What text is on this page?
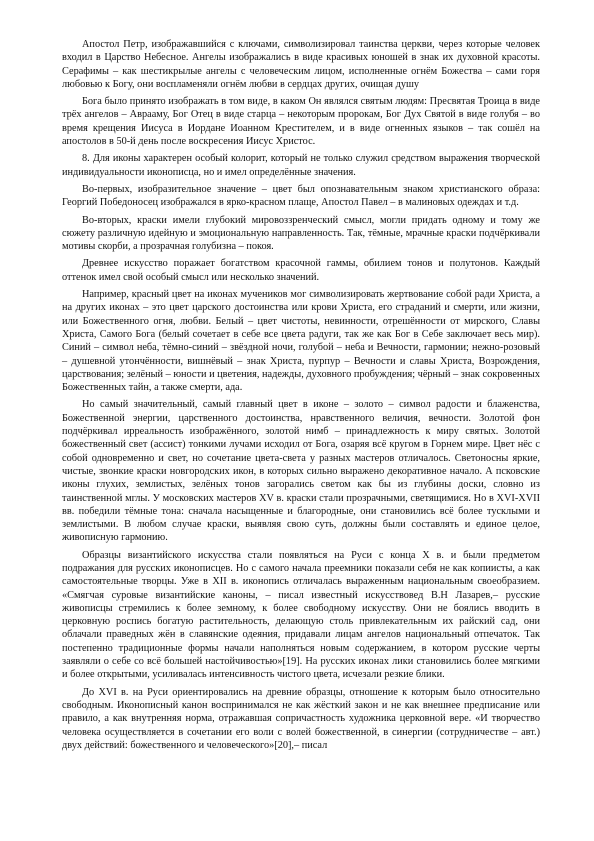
Апостол Петр, изображавшийся с ключами, символизировал таинства церкви, через которые человек входил в Царство Небесное. Ангелы изображались в виде красивых юношей в знак их духовной красоты. Серафимы – как шестикрылые ангелы с человеческим лицом, исполненные огнём Божества – сами горя любовью к Богу, они воспламеняли огнём любви в сердцах других, очищая душу

Бога было принято изображать в том виде, в каком Он являлся святым людям: Пресвятая Троица в виде трёх ангелов – Аврааму, Бог Отец в виде старца – некоторым пророкам, Бог Дух Святой в виде голубя – во время крещения Иисуса в Иордане Иоанном Крестителем, и в виде огненных языков – так сошёл на апостолов в 50-й день после воскресения Иисус Христос.

8. Для иконы характерен особый колорит, который не только служил средством выражения творческой индивидуальности иконописца, но и имел определённые значения.

Во-первых, изобразительное значение – цвет был опознавательным знаком христианского образа: Георгий Победоносец изображался в ярко-красном плаще, Апостол Павел – в малиновых одеждах и т.д.

Во-вторых, краски имели глубокий мировоззренческий смысл, могли придать одному и тому же сюжету различную идейную и эмоциональную направленность. Так, тёмные, мрачные краски подчёркивали мотивы скорби, а прозрачная голубизна – покоя.

Древнее искусство поражает богатством красочной гаммы, обилием тонов и полутонов. Каждый оттенок имел свой особый смысл или несколько значений.

Например, красный цвет на иконах мучеников мог символизировать жертвование собой ради Христа, а на других иконах – это цвет царского достоинства или крови Христа, его страданий и смерти, или жизни, или Божественного огня, любви. Белый – цвет чистоты, невинности, отрешённости от мирского, Славы Христа, Самого Бога (белый сочетает в себе все цвета радуги, так же как Бог в Себе заключает весь мир). Синий – символ неба, тёмно-синий – звёздной ночи, голубой – неба и Вечности, гармонии; нежно-розовый – душевной утончённости, вишнёвый – знак Христа, пурпур – Вечности и славы Христа, Возрождения, царствования; зелёный – юности и цветения, надежды, духовного пробуждения; чёрный – знак сокровенных Божественных тайн, а также смерти, ада.

Но самый значительный, самый главный цвет в иконе – золото – символ радости и блаженства, Божественной энергии, царственного достоинства, нравственного величия, вечности. Золотой фон подчёркивал ирреальность изображённого, золотой нимб – принадлежность к миру святых. Золотой божественный свет (ассист) тонкими лучами исходил от Бога, озаряя всё кругом в Горнем мире. Цвет нёс с собой одновременно и свет, но сочетание цвета-света у разных мастеров отличалось. Светоносны яркие, чистые, звонкие краски новгородских икон, в которых сильно выражено декоративное начало. А псковские иконы глухих, землистых, зелёных тонов загорались светом как бы из глубины доски, словно из таинственной мглы. У московских мастеров XV в. краски стали прозрачными, светящимися. Но в XVI-XVII вв. победили тёмные тона: сначала насыщенные и благородные, они становились всё более тусклыми и землистыми. В любом случае краски, выявляя свою суть, должны были составлять и единое целое, живописную гармонию.

Образцы византийского искусства стали появляться на Руси с конца X в. и были предметом подражания для русских иконописцев. Но с самого начала преемники показали себя не как копиисты, а как самостоятельные творцы. Уже в XII в. иконопись отличалась выраженным национальным своеобразием. «Смягчая суровые византийские каноны, – писал известный искусствовед В.Н Лазарев,– русские живописцы стремились к более земному, к более свободному искусству. Они не боялись вводить в церковную роспись богатую растительность, делающую столь привлекательным их райский сад, они облачали праведных жён в славянские одеяния, придавали лицам ангелов национальный отпечаток. Так постепенно традиционные формы начали наполняться новым содержанием, в котором русские черты заявляли о себе со всё большей настойчивостью»[19]. На русских иконах лики становились более мягкими и более открытыми, усиливалась интенсивность чистого цвета, исчезали резкие блики.

До XVI в. на Руси ориентировались на древние образцы, отношение к которым было относительно свободным. Иконописный канон воспринимался не как жёсткий закон и не как внешнее предписание или правило, а как внутренняя норма, отражавшая сопричастность художника церковной вере. «И творчество человека осуществляется в сочетании его воли с волей божественной, в синергии (сотрудничестве – авт.) двух действий: божественного и человеческого»[20],– писал
